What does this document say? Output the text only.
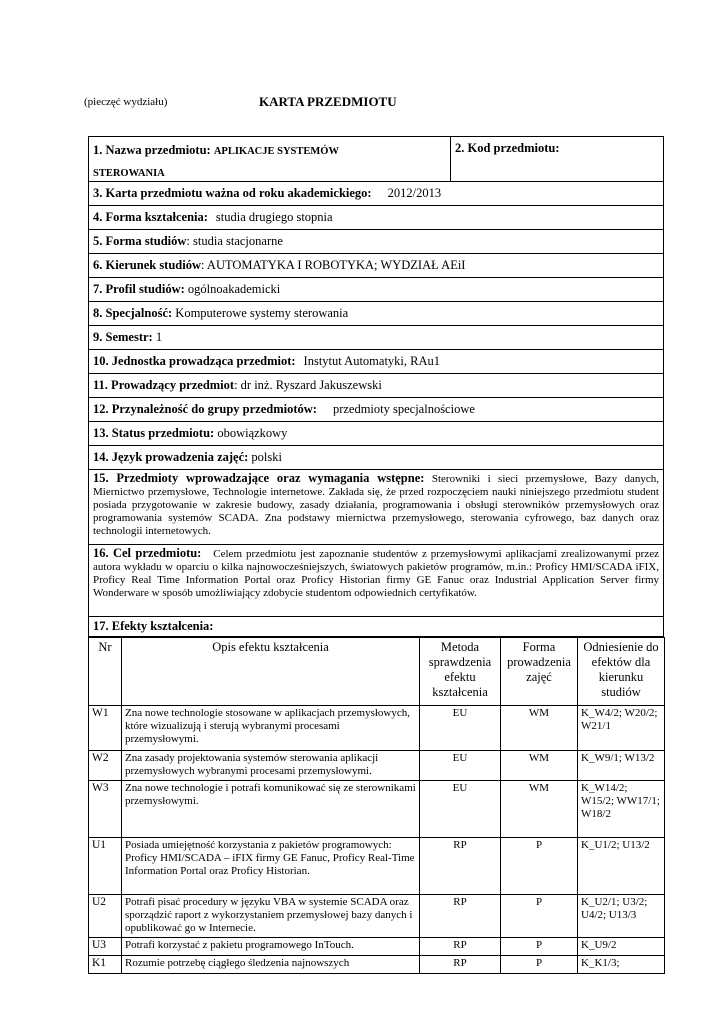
(pieczęć wydziału)	KARTA PRZEDMIOTU
1. Nazwa przedmiotu: APLIKACJE SYSTEMÓW
STEROWANIA
2. Kod przedmiotu:
3. Karta przedmiotu ważna od roku akademickiego: 2012/2013
4. Forma kształcenia: studia drugiego stopnia
5. Forma studiów: studia stacjonarne
6. Kierunek studiów: AUTOMATYKA I ROBOTYKA; WYDZIAŁ AEiI
7. Profil studiów: ogólnoakademicki
8. Specjalność: Komputerowe systemy sterowania
9. Semestr: 1
10. Jednostka prowadząca przedmiot: Instytut Automatyki, RAu1
11. Prowadzący przedmiot: dr inż. Ryszard Jakuszewski
12. Przynależność do grupy przedmiotów: przedmioty specjalnościowe
13. Status przedmiotu: obowiązkowy
14. Język prowadzenia zajęć: polski
15. Przedmioty wprowadzające oraz wymagania wstępne: Sterowniki i sieci przemysłowe, Bazy danych, Miernictwo przemysłowe, Technologie internetowe. Zakłada się, że przed rozpoczęciem nauki niniejszego przedmiotu student posiada przygotowanie w zakresie budowy, zasady działania, programowania i obsługi sterowników przemysłowych oraz programowania systemów SCADA. Zna podstawy miernictwa przemysłowego, sterowania cyfrowego, baz danych oraz technologii internetowych.
16. Cel przedmiotu: Celem przedmiotu jest zapoznanie studentów z przemysłowymi aplikacjami zrealizowanymi przez autora wykładu w oparciu o kilka najnowocześniejszych, światowych pakietów programów, m.in.: Proficy HMI/SCADA iFIX, Proficy Real Time Information Portal oraz Proficy Historian firmy GE Fanuc oraz Industrial Application Server firmy Wonderware w sposób umożliwiający zdobycie studentom odpowiednich certyfikatów.
17. Efekty kształcenia:
Nr	Opis efektu kształcenia	Metoda sprawdzenia efektu kształcenia	Forma prowadzenia zajęć	Odniesienie do efektów dla kierunku studiów
W1	Zna nowe technologie stosowane w aplikacjach przemysłowych, które wizualizują i sterują wybranymi procesami przemysłowymi.	EU	WM	K_W4/2; W20/2; W21/1
W2	Zna zasady projektowania systemów sterowania aplikacji przemysłowych wybranymi procesami przemysłowymi.	EU	WM	K_W9/1; W13/2
W3	Zna nowe technologie i potrafi komunikować się ze sterownikami przemysłowymi.	EU	WM	K_W14/2; W15/2; WW17/1; W18/2
U1	Posiada umiejętność korzystania z pakietów programowych: Proficy HMI/SCADA – iFIX firmy GE Fanuc, Proficy Real-Time Information Portal oraz Proficy Historian.	RP	P	K_U1/2; U13/2
U2	Potrafi pisać procedury w języku VBA w systemie SCADA oraz sporządzić raport z wykorzystaniem przemysłowej bazy danych i opublikować go w Internecie.	RP	P	K_U2/1; U3/2; U4/2; U13/3
U3	Potrafi korzystać z pakietu programowego InTouch.	RP	P	K_U9/2
K1	Rozumie potrzebę ciągłego śledzenia najnowszych	RP	P	K_K1/3;
